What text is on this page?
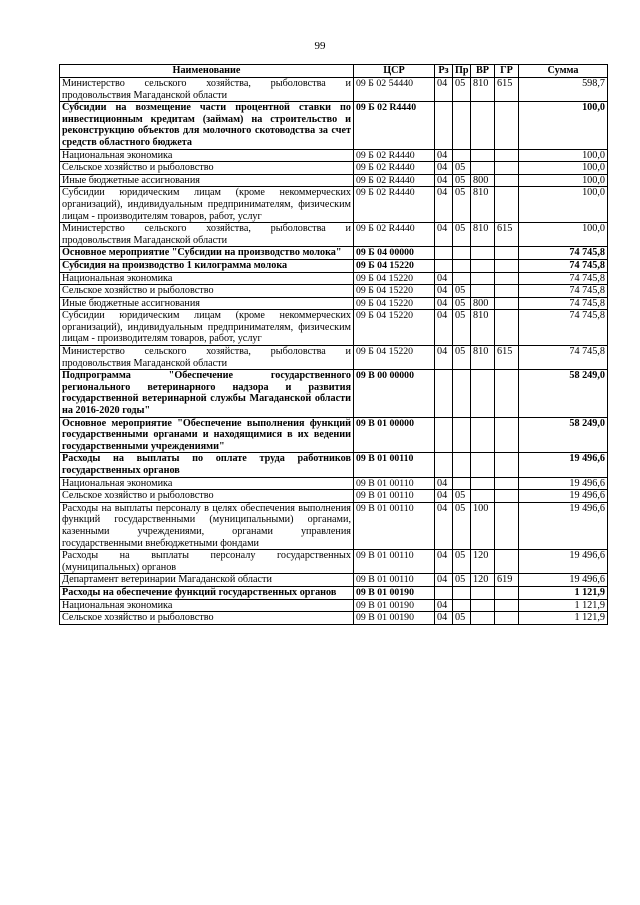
99
Наименование	ЦСР	Рз	Пр	ВР	ГР	Сумма
Министерство сельского хозяйства, рыболовства и продовольствия Магаданской области	09 Б 02 54440	04	05	810	615	598,7
Субсидии на возмещение части процентной ставки по инвестиционным кредитам (займам) на строительство и реконструкцию объектов для молочного скотоводства за счет средств областного бюджета	09 Б 02 R4440					100,0
Национальная экономика	09 Б 02 R4440	04				100,0
Сельское хозяйство и рыболовство	09 Б 02 R4440	04	05			100,0
Иные бюджетные ассигнования	09 Б 02 R4440	04	05	800		100,0
Субсидии юридическим лицам (кроме некоммерческих организаций), индивидуальным предпринимателям, физическим лицам - производителям товаров, работ, услуг	09 Б 02 R4440	04	05	810		100,0
Министерство сельского хозяйства, рыболовства и продовольствия Магаданской области	09 Б 02 R4440	04	05	810	615	100,0
Основное мероприятие "Субсидии на производство молока"	09 Б 04 00000					74 745,8
Субсидия на производство 1 килограмма молока	09 Б 04 15220					74 745,8
Национальная экономика	09 Б 04 15220	04				74 745,8
Сельское хозяйство и рыболовство	09 Б 04 15220	04	05			74 745,8
Иные бюджетные ассигнования	09 Б 04 15220	04	05	800		74 745,8
Субсидии юридическим лицам (кроме некоммерческих организаций), индивидуальным предпринимателям, физическим лицам - производителям товаров, работ, услуг	09 Б 04 15220	04	05	810		74 745,8
Министерство сельского хозяйства, рыболовства и продовольствия Магаданской области	09 Б 04 15220	04	05	810	615	74 745,8
Подпрограмма "Обеспечение государственного регионального ветеринарного надзора и развития государственной ветеринарной службы Магаданской области на 2016-2020 годы"	09 В 00 00000					58 249,0
Основное мероприятие "Обеспечение выполнения функций государственными органами и находящимися в их ведении государственными учреждениями"	09 В 01 00000					58 249,0
Расходы на выплаты по оплате труда работников государственных органов	09 В 01 00110					19 496,6
Национальная экономика	09 В 01 00110	04				19 496,6
Сельское хозяйство и рыболовство	09 В 01 00110	04	05			19 496,6
Расходы на выплаты персоналу в целях обеспечения выполнения функций государственными (муниципальными) органами, казенными учреждениями, органами управления государственными внебюджетными фондами	09 В 01 00110	04	05	100		19 496,6
Расходы на выплаты персоналу государственных (муниципальных) органов	09 В 01 00110	04	05	120		19 496,6
Департамент ветеринарии Магаданской области	09 В 01 00110	04	05	120	619	19 496,6
Расходы на обеспечение функций государственных органов	09 В 01 00190					1 121,9
Национальная экономика	09 В 01 00190	04				1 121,9
Сельское хозяйство и рыболовство	09 В 01 00190	04	05			1 121,9
